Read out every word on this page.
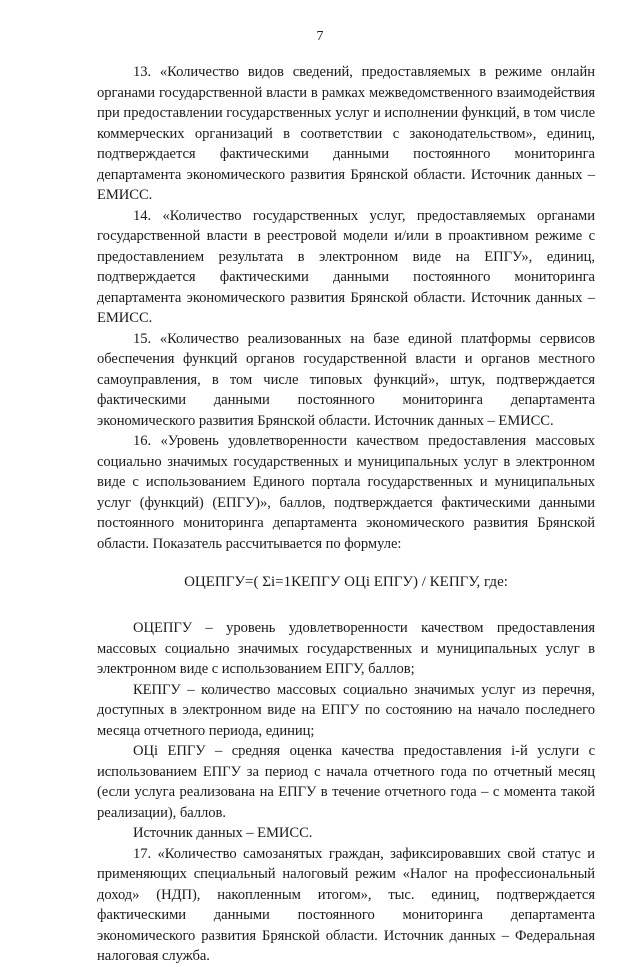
7

13. «Количество видов сведений, предоставляемых в режиме онлайн органами государственной власти в рамках межведомственного взаимодействия при предоставлении государственных услуг и исполнении функций, в том числе коммерческих организаций в соответствии с законодательством», единиц, подтверждается фактическими данными постоянного мониторинга департамента экономического развития Брянской области. Источник данных – ЕМИСС.

14. «Количество государственных услуг, предоставляемых органами государственной власти в реестровой модели и/или в проактивном режиме с предоставлением результата в электронном виде на ЕПГУ», единиц, подтверждается фактическими данными постоянного мониторинга департамента экономического развития Брянской области. Источник данных – ЕМИСС.

15. «Количество реализованных на базе единой платформы сервисов обеспечения функций органов государственной власти и органов местного самоуправления, в том числе типовых функций», штук, подтверждается фактическими данными постоянного мониторинга департамента экономического развития Брянской области. Источник данных – ЕМИСС.

16. «Уровень удовлетворенности качеством предоставления массовых социально значимых государственных и муниципальных услуг в электронном виде с использованием Единого портала государственных и муниципальных услуг (функций) (ЕПГУ)», баллов, подтверждается фактическими данными постоянного мониторинга департамента экономического развития Брянской области. Показатель рассчитывается по формуле:

ОЦЕПГУ=( Σi=1КЕПГУ ОЦi ЕПГУ) / КЕПГУ, где:

ОЦЕПГУ – уровень удовлетворенности качеством предоставления массовых социально значимых государственных и муниципальных услуг в электронном виде с использованием ЕПГУ, баллов;

КЕПГУ – количество массовых социально значимых услуг из перечня, доступных в электронном виде на ЕПГУ по состоянию на начало последнего месяца отчетного периода, единиц;

ОЦi ЕПГУ – средняя оценка качества предоставления i-й услуги с использованием ЕПГУ за период с начала отчетного года по отчетный месяц (если услуга реализована на ЕПГУ в течение отчетного года – с момента такой реализации), баллов.

Источник данных – ЕМИСС.

17. «Количество самозанятых граждан, зафиксировавших свой статус и применяющих специальный налоговый режим «Налог на профессиональный доход» (НДП), накопленным итогом», тыс. единиц, подтверждается фактическими данными постоянного мониторинга департамента экономического развития Брянской области. Источник данных – Федеральная налоговая служба.
